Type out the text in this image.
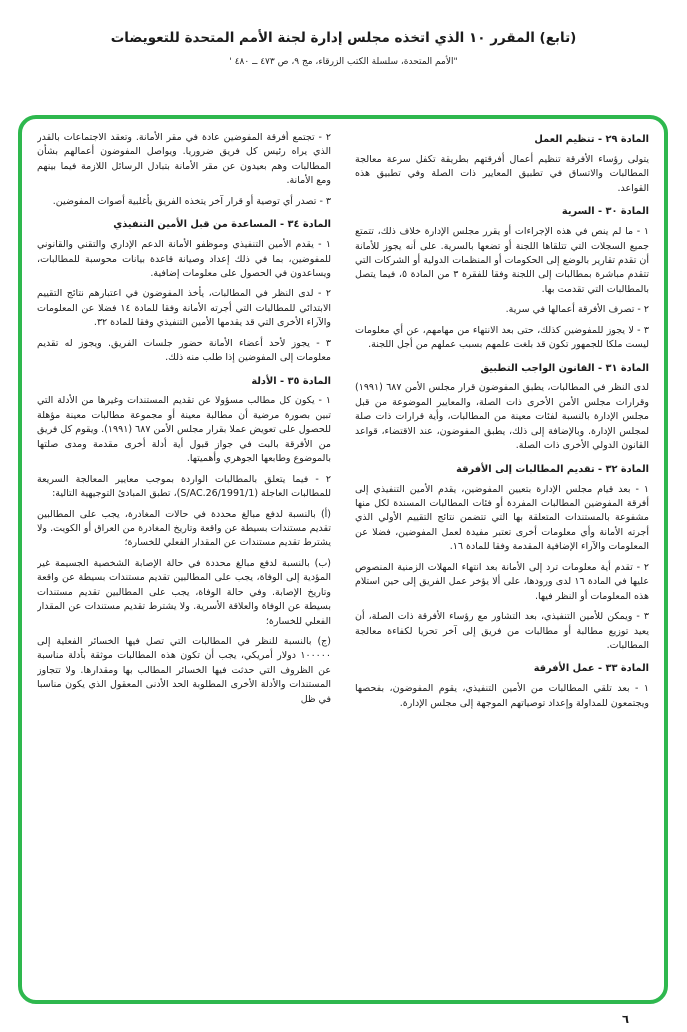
(تابع) المقرر ١٠ الذي اتخذه مجلس إدارة لجنة الأمم المتحدة للتعويضات
"الأمم المتحدة، سلسلة الكتب الزرقاء، مج ٩، ص ٤٧٣ ــ ٤٨٠ '
المادة ٢٩ - تنظيم العمل

يتولى رؤساء الأفرقة تنظيم أعمال أفرقتهم بطريقة تكفل سرعة معالجة المطالبات والاتساق في تطبيق المعايير ذات الصلة وفي تطبيق هذه القواعد.

المادة ٣٠ - السرية

١ - ما لم ينص في هذه الإجراءات أو يقرر مجلس الإدارة خلاف ذلك، تتمتع جميع السجلات التي تتلقاها اللجنة أو تضعها بالسرية. على أنه يجوز للأمانة أن تقدم تقارير بالوضع إلى الحكومات أو المنظمات الدولية أو الشركات التي تتقدم مباشرة بمطالبات إلى اللجنة وفقا للفقرة ٣ من المادة ٥، فيما يتصل بالمطالبات التي تقدمت بها.

٢ - تصرف الأفرقة أعمالها في سرية.

٣ - لا يجوز للمفوضين كذلك، حتى بعد الانتهاء من مهامهم، عن أي معلومات ليست ملكا للجمهور تكون قد بلغت علمهم بسبب عملهم من أجل اللجنة.

المادة ٣١ - القانون الواجب التطبيق

لدى النظر في المطالبات، يطبق المفوضون قرار مجلس الأمن ٦٨٧ (١٩٩١) وقرارات مجلس الأمن الأخرى ذات الصلة، والمعايير الموضوعة من قبل مجلس الإدارة بالنسبة لفئات معينة من المطالبات، وأية قرارات ذات صلة لمجلس الإدارة. وبالإضافة إلى ذلك، يطبق المفوضون، عند الاقتضاء، قواعد القانون الدولي الأخرى ذات الصلة.

المادة ٣٢ - تقديم المطالبات إلى الأفرقة

١ - بعد قيام مجلس الإدارة بتعيين المفوضين، يقدم الأمين التنفيذي إلى أفرقة المفوضين المطالبات المفردة أو فئات المطالبات المسندة لكل منها مشفوعة بالمستندات المتعلقة بها التي تتضمن نتائج التقييم الأولي الذي أجرته الأمانة وأي معلومات أخرى تعتبر مفيدة لعمل المفوضين، فضلا عن المعلومات والآراء الإضافية المقدمة وفقا للمادة ١٦.

٢ - تقدم أية معلومات ترد إلى الأمانة بعد انتهاء المهلات الزمنية المنصوص عليها في المادة ١٦ لدى ورودها، على ألا يؤخر عمل الفريق إلى حين استلام هذه المعلومات أو النظر فيها.

٣ - ويمكن للأمين التنفيذي، بعد التشاور مع رؤساء الأفرقة ذات الصلة، أن يعيد توزيع مطالبة أو مطالبات من فريق إلى آخر تحريا لكفاءة معالجة المطالبات.

المادة ٣٣ - عمل الأفرقة

١ - بعد تلقي المطالبات من الأمين التنفيذي، يقوم المفوضون، بفحصها ويجتمعون للمداولة وإعداد توصياتهم الموجهة إلى مجلس الإدارة.

٢ - تجتمع أفرقة المفوضين عادة في مقر الأمانة. وتعقد الاجتماعات بالقدر الذي يراه رئيس كل فريق ضروريا. ويواصل المفوضون أعمالهم بشأن المطالبات وهم بعيدون عن مقر الأمانة بتبادل الرسائل اللازمة فيما بينهم ومع الأمانة.

٣ - تصدر أي توصية أو قرار آخر يتخذه الفريق بأغلبية أصوات المفوضين.

المادة ٣٤ - المساعدة من قبل الأمين التنفيذي

١ - يقدم الأمين التنفيذي وموظفو الأمانة الدعم الإداري والتقني والقانوني للمفوضين، بما في ذلك إعداد وصيانة قاعدة بيانات محوسبة للمطالبات، ويساعدون في الحصول على معلومات إضافية.

٢ - لدى النظر في المطالبات، يأخذ المفوضون في اعتبارهم نتائج التقييم الابتدائي للمطالبات التي أجرته الأمانة وفقا للمادة ١٤ فضلا عن المعلومات والآراء الأخرى التي قد يقدمها الأمين التنفيذي وفقا للمادة ٣٢.

٣ - يجوز لأحد أعضاء الأمانة حضور جلسات الفريق. ويجوز له تقديم معلومات إلى المفوضين إذا طلب منه ذلك.

المادة ٣٥ - الأدلة

١ - يكون كل مطالب مسؤولا عن تقديم المستندات وغيرها من الأدلة التي تبين بصورة مرضية أن مطالبة معينة أو مجموعة مطالبات معينة مؤهلة للحصول على تعويض عملا بقرار مجلس الأمن ٦٨٧ (١٩٩١). ويقوم كل فريق من الأفرقة بالبت في جواز قبول أية أدلة أخرى مقدمة ومدى صلتها بالموضوع وطابعها الجوهري وأهميتها.

٢ - فيما يتعلق بالمطالبات الواردة بموجب معايير المعالجة السريعة للمطالبات العاجلة (S/AC.26/1991/1)، تطبق المبادئ التوجيهية التالية:

(أ) بالنسبة لدفع مبالغ محددة في حالات المغادرة، يجب على المطالبين تقديم مستندات بسيطة عن واقعة وتاريخ المغادرة من العراق أو الكويت. ولا يشترط تقديم مستندات عن المقدار الفعلي للخسارة؛

(ب) بالنسبة لدفع مبالغ محددة في حالة الإصابة الشخصية الجسيمة غير المؤدية إلى الوفاة، يجب على المطالبين تقديم مستندات بسيطة عن واقعة وتاريخ الإصابة. وفي حالة الوفاة، يجب على المطالبين تقديم مستندات بسيطة عن الوفاة والعلاقة الأسرية. ولا يشترط تقديم مستندات عن المقدار الفعلي للخسارة؛

(ج) بالنسبة للنظر في المطالبات التي تصل فيها الخسائر الفعلية إلى ١٠٠٠٠٠ دولار أمريكي، يجب أن تكون هذه المطالبات موثقة بأدلة مناسبة عن الظروف التي حدثت فيها الخسائر المطالب بها ومقدارها. ولا تتجاوز المستندات والأدلة الأخرى المطلوبة الحد الأدنى المعقول الذي يكون مناسبا في ظل

٦
